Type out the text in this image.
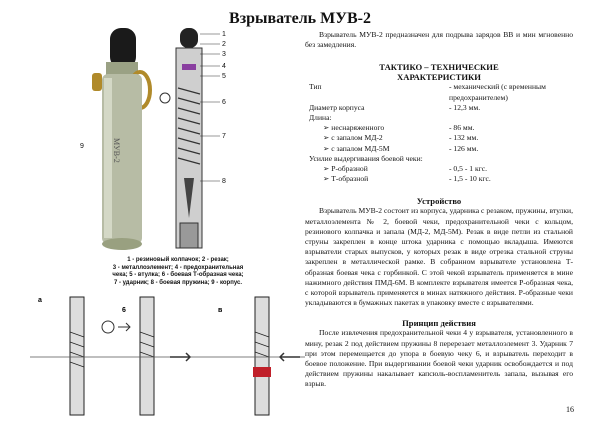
Взрыватель МУВ-2
МУВ-2
1
2
3
4
5
6
7
8
9
1 - резиновый колпачок; 2 - резак;
3 - металлоэлемент; 4 - предохранительная
чека; 5 - втулка; 6 - боевая Т-образная чека;
7 - ударник; 8 - боевая пружина; 9 - корпус.
a
6	в

Взрыватель МУВ-2 предназначен для подрыва зарядов ВВ и мин мгновенно без замедления.

ТАКТИКО – ТЕХНИЧЕСКИЕ
ХАРАКТЕРИСТИКИ
Тип	- механический (с временным предохранителем)
Диаметр корпуса	- 12,3 мм.
Длина:
➢ неснаряженного	- 86 мм.
➢ с запалом МД-2	- 132 мм.
➢ с запалом МД-5М	- 126 мм.
Усилие выдергивания боевой чеки:
➢ Р-образной	- 0,5 - 1 кгс.
➢ Т-образной	- 1,5 - 10 кгс.
Устройство

Взрыватель МУВ-2 состоит из корпуса, ударника с резаком, пружины, втулки, металлоэлемента № 2, боевой чеки, предохранительной чеки с кольцом, резинового колпачка и запала (МД-2, МД-5М). Резак в виде петли из стальной струны закреплен в конце штока ударника с помощью вкладыша. Имеются взрыватели старых выпусков, у которых резак в виде отрезка стальной струны закреплен в металлической рамке. В собранном взрывателе установлена Т-образная боевая чека с горбинкой. С этой чекой взрыватель применяется в мине нажимного действия ПМД-6М. В комплекте взрывателя имеется Р-образная чека, с которой взрыватель применяется в минах натяжного действия. Р-образные чеки укладываются в бумажных пакетах в упаковку вместе с взрывателями.

Принцип действия

После извлечения предохранительной чеки 4 у взрывателя, установленного в мину, резак 2 под действием пружины 8 перерезает металлоэлемент 3. Ударник 7 при этом перемещается до упора в боевую чеку 6, и взрыватель переходит в боевое положение. При выдергивании боевой чеки ударник освобождается и под действием пружины накалывает капсюль-воспламенитель запала, вызывая его взрыв.

16
